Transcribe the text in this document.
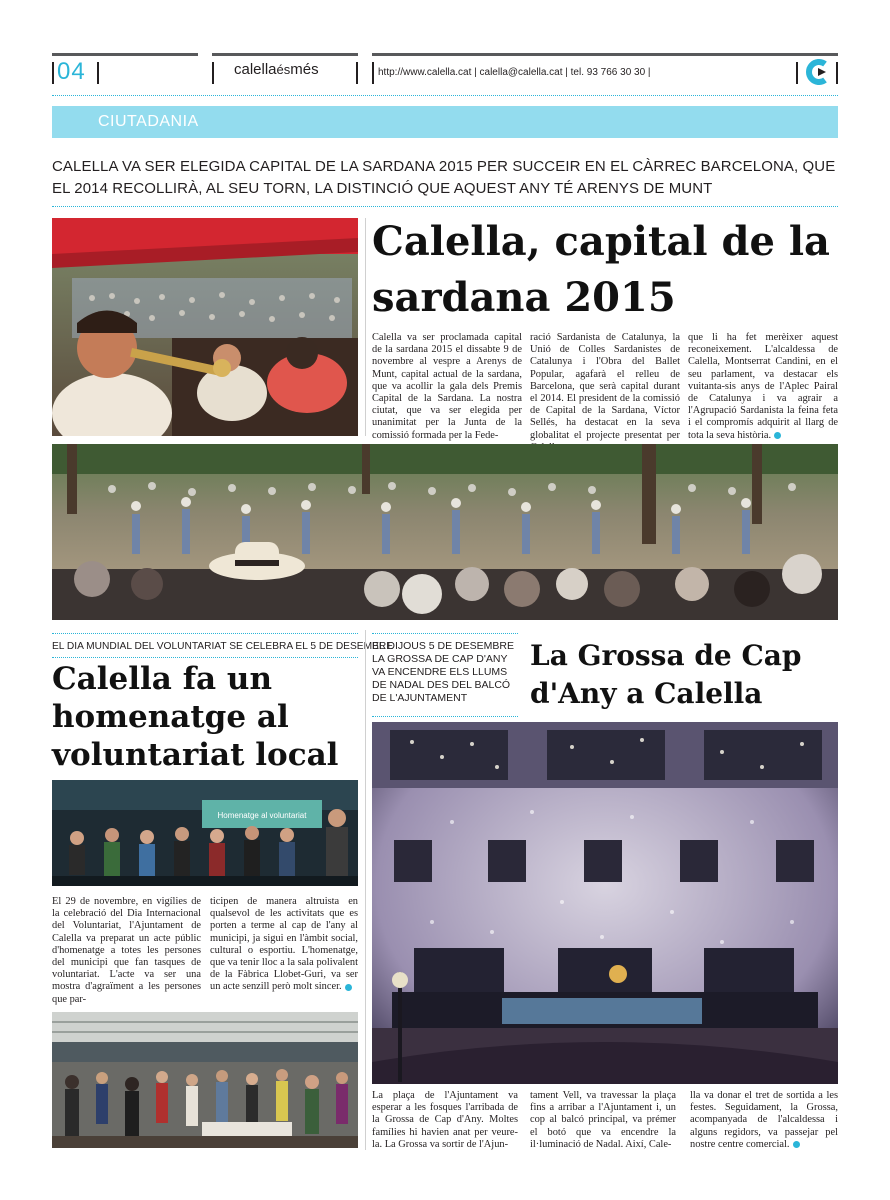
04	calellaésmés	http://www.calella.cat | calella@calella.cat | tel. 93 766 30 30 |
CIUTADANIA
CALELLA VA SER ELEGIDA CAPITAL DE LA SARDANA 2015 PER SUCCEIR EN EL CÀRREC BARCELONA, QUE EL 2014 RECOLLIRÀ, AL SEU TORN, LA DISTINCIÓ QUE AQUEST ANY TÉ ARENYS DE MUNT
Calella, capital de la sardana 2015
Calella va ser proclamada capital de la sardana 2015 el dissabte 9 de novembre al vespre a Arenys de Munt, capital actual de la sardana, que va acollir la gala dels Premis Capital de la Sardana. La nostra ciutat, que va ser elegida per unanimitat per la Junta de la comissió formada per la Fede-
ració Sardanista de Catalunya, la Unió de Colles Sardanistes de Catalunya i l'Obra del Ballet Popular, agafarà el relleu de Barcelona, que serà capital durant el 2014. El president de la comissió de Capital de la Sardana, Víctor Sellés, ha destacat en la seva globalitat el projecte presentat per
que li ha fet merèixer aquest reconeixement. L'alcaldessa de Calella, Montserrat Candini, en el seu parlament, va destacar els vuitanta-sis anys de l'Aplec Pairal de Catalunya i va agrair a l'Agrupació Sardanista la feina feta i el compromís adquirit al llarg de tota la seva història.
EL DIA MUNDIAL DEL VOLUNTARIAT SE CELEBRA EL 5 DE DESEMBRE
Calella fa un homenatge al voluntariat local
Homenatge al voluntariat
El 29 de novembre, en vigílies de la celebració del Dia Internacional del Voluntariat, l'Ajuntament de Calella va preparat un acte públic d'homenatge a totes les persones del municipi que fan tasques de voluntariat. L'acte va ser una mostra d'agraïment a les persones que par-
ticipen de manera altruista en qualsevol de les activitats que es porten a terme al cap de l'any al municipi, ja sigui en l'àmbit social, cultural o esportiu. L'homenatge, que va tenir lloc a la sala polivalent de la Fàbrica Llobet-Guri, va ser un acte senzill però molt sincer.
EL DIJOUS 5 DE DESEMBRE LA GROSSA DE CAP D'ANY VA ENCENDRE ELS LLUMS DE NADAL DES DEL BALCÓ DE L'AJUNTAMENT
La Grossa de Cap d'Any a Calella
La plaça de l'Ajuntament va esperar a les fosques l'arribada de la Grossa de Cap d'Any. Moltes famílies hi havien anat per veure-la. La Grossa va sortir de l'Ajun-
tament Vell, va travessar la plaça fins a arribar a l'Ajuntament i, un cop al balcó principal, va prémer el botó que va encendre la il·luminació de Nadal. Així, Cale-
lla va donar el tret de sortida a les festes. Seguidament, la Grossa, acompanyada de l'alcaldessa i alguns regidors, va passejar pel nostre centre comercial.
